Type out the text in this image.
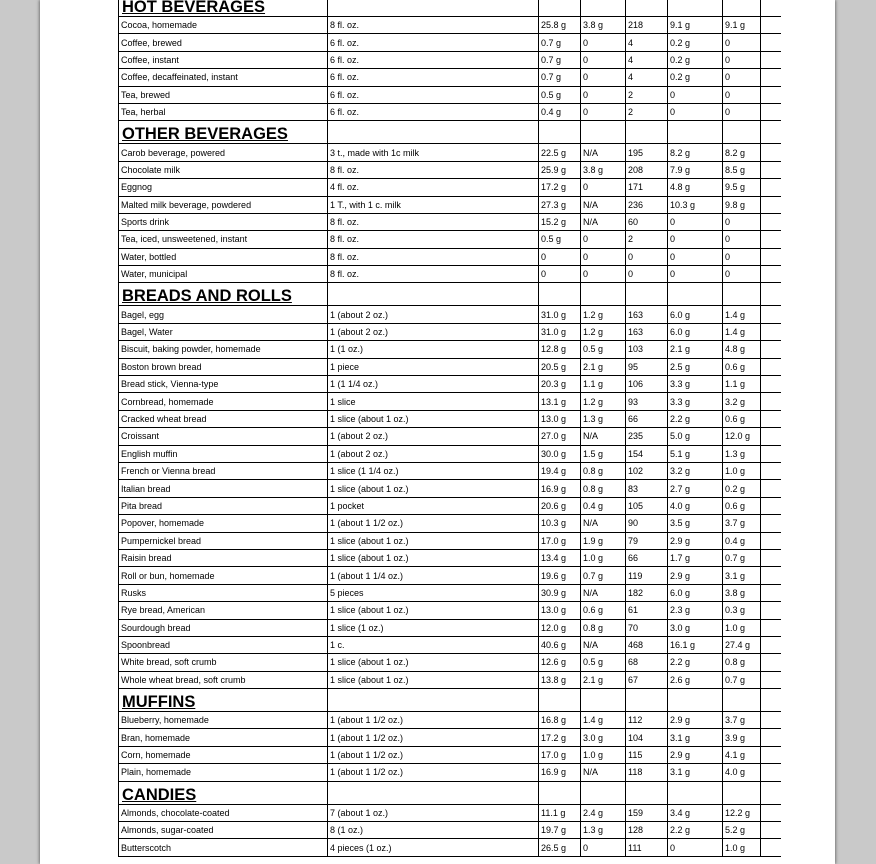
HOT BEVERAGES							
Cocoa, homemade	8 fl. oz.	25.8 g	3.8 g	218	9.1 g	9.1 g	
Coffee, brewed	6 fl. oz.	0.7 g	0	4	0.2 g	0	
Coffee, instant	6 fl. oz.	0.7 g	0	4	0.2 g	0	
Coffee, decaffeinated, instant	6 fl. oz.	0.7 g	0	4	0.2 g	0	
Tea, brewed	6 fl. oz.	0.5 g	0	2	0	0	
Tea, herbal	6 fl. oz.	0.4 g	0	2	0	0	
OTHER BEVERAGES							
Carob beverage, powered	3 t., made with 1c milk	22.5 g	N/A	195	8.2 g	8.2 g	
Chocolate milk	8 fl. oz.	25.9 g	3.8 g	208	7.9 g	8.5 g	
Eggnog	4 fl. oz.	17.2 g	0	171	4.8 g	9.5 g	
Malted milk beverage, powdered	1 T., with 1 c. milk	27.3 g	N/A	236	10.3 g	9.8 g	
Sports drink	8 fl. oz.	15.2 g	N/A	60	0	0	
Tea, iced, unsweetened, instant	8 fl. oz.	0.5 g	0	2	0	0	
Water, bottled	8 fl. oz.	0	0	0	0	0	
Water, municipal	8 fl. oz.	0	0	0	0	0	
BREADS AND ROLLS							
Bagel, egg	1 (about 2 oz.)	31.0 g	1.2 g	163	6.0 g	1.4 g	
Bagel, Water	1 (about 2 oz.)	31.0 g	1.2 g	163	6.0 g	1.4 g	
Biscuit, baking powder, homemade	1 (1 oz.)	12.8 g	0.5 g	103	2.1 g	4.8 g	
Boston brown bread	1 piece	20.5 g	2.1 g	95	2.5 g	0.6 g	
Bread stick, Vienna-type	1 (1 1/4 oz.)	20.3 g	1.1 g	106	3.3 g	1.1 g	
Cornbread, homemade	1 slice	13.1 g	1.2 g	93	3.3 g	3.2 g	
Cracked wheat bread	1 slice (about 1 oz.)	13.0 g	1.3 g	66	2.2 g	0.6 g	
Croissant	1 (about 2 oz.)	27.0 g	N/A	235	5.0 g	12.0 g	
English muffin	1 (about 2 oz.)	30.0 g	1.5 g	154	5.1 g	1.3 g	
French or Vienna bread	1 slice (1 1/4 oz.)	19.4 g	0.8 g	102	3.2 g	1.0 g	
Italian bread	1 slice (about 1 oz.)	16.9 g	0.8 g	83	2.7 g	0.2 g	
Pita bread	1 pocket	20.6 g	0.4 g	105	4.0 g	0.6 g	
Popover, homemade	1 (about 1 1/2 oz.)	10.3 g	N/A	90	3.5 g	3.7 g	
Pumpernickel bread	1 slice (about 1 oz.)	17.0 g	1.9 g	79	2.9 g	0.4 g	
Raisin bread	1 slice (about 1 oz.)	13.4 g	1.0 g	66	1.7 g	0.7 g	
Roll or bun, homemade	1 (about 1 1/4 oz.)	19.6 g	0.7 g	119	2.9 g	3.1 g	
Rusks	5 pieces	30.9 g	N/A	182	6.0 g	3.8 g	
Rye bread, American	1 slice (about 1 oz.)	13.0 g	0.6 g	61	2.3 g	0.3 g	
Sourdough bread	1 slice (1 oz.)	12.0 g	0.8 g	70	3.0 g	1.0 g	
Spoonbread	1 c.	40.6 g	N/A	468	16.1 g	27.4 g	
White bread, soft crumb	1 slice (about 1 oz.)	12.6 g	0.5 g	68	2.2 g	0.8 g	
Whole wheat bread, soft crumb	1 slice (about 1 oz.)	13.8 g	2.1 g	67	2.6 g	0.7 g	
MUFFINS							
Blueberry, homemade	1 (about 1 1/2 oz.)	16.8 g	1.4 g	112	2.9 g	3.7 g	
Bran, homemade	1 (about 1 1/2 oz.)	17.2 g	3.0 g	104	3.1 g	3.9 g	
Corn, homemade	1 (about 1 1/2 oz.)	17.0 g	1.0 g	115	2.9 g	4.1 g	
Plain, homemade	1 (about 1 1/2 oz.)	16.9 g	N/A	118	3.1 g	4.0 g	
CANDIES							
Almonds, chocolate-coated	7 (about 1 oz.)	11.1 g	2.4 g	159	3.4 g	12.2 g	
Almonds, sugar-coated	8 (1 oz.)	19.7 g	1.3 g	128	2.2 g	5.2 g	
Butterscotch	4 pieces (1 oz.)	26.5 g	0	111	0	1.0 g	
